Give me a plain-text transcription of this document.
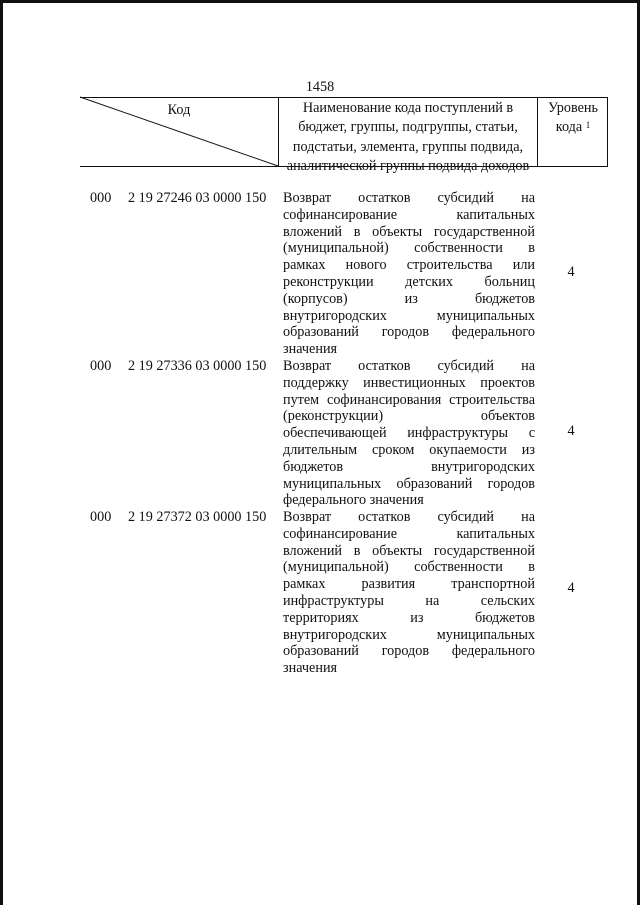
1458
Код	Наименование кода поступлений в
бюджет, группы, подгруппы, статьи,
подстатьи, элемента, группы подвида,
аналитической группы подвида доходов
Уровень
кода $^1$
000 2 19 27246 03 0000 150 Возврат остатков субсидий на
софинансирование капитальных
вложений в объекты государственной
(муниципальной) собственности в
рамках нового строительства или
реконструкции детских больниц
(корпусов) из бюджетов
внутригородских муниципальных
образований городов федерального
значения
4
000 2 19 27336 03 0000 150 Возврат остатков субсидий на
поддержку инвестиционных проектов
путем софинансирования строительства
(реконструкции) объектов
обеспечивающей инфраструктуры с
длительным сроком окупаемости из
бюджетов внутригородских
муниципальных образований городов
федерального значения
4
000 2 19 27372 03 0000 150 Возврат остатков субсидий на
софинансирование капитальных
вложений в объекты государственной
(муниципальной) собственности в
рамках развития транспортной
инфраструктуры на сельских
территориях из бюджетов
внутригородских муниципальных
образований городов федерального
значения
4
